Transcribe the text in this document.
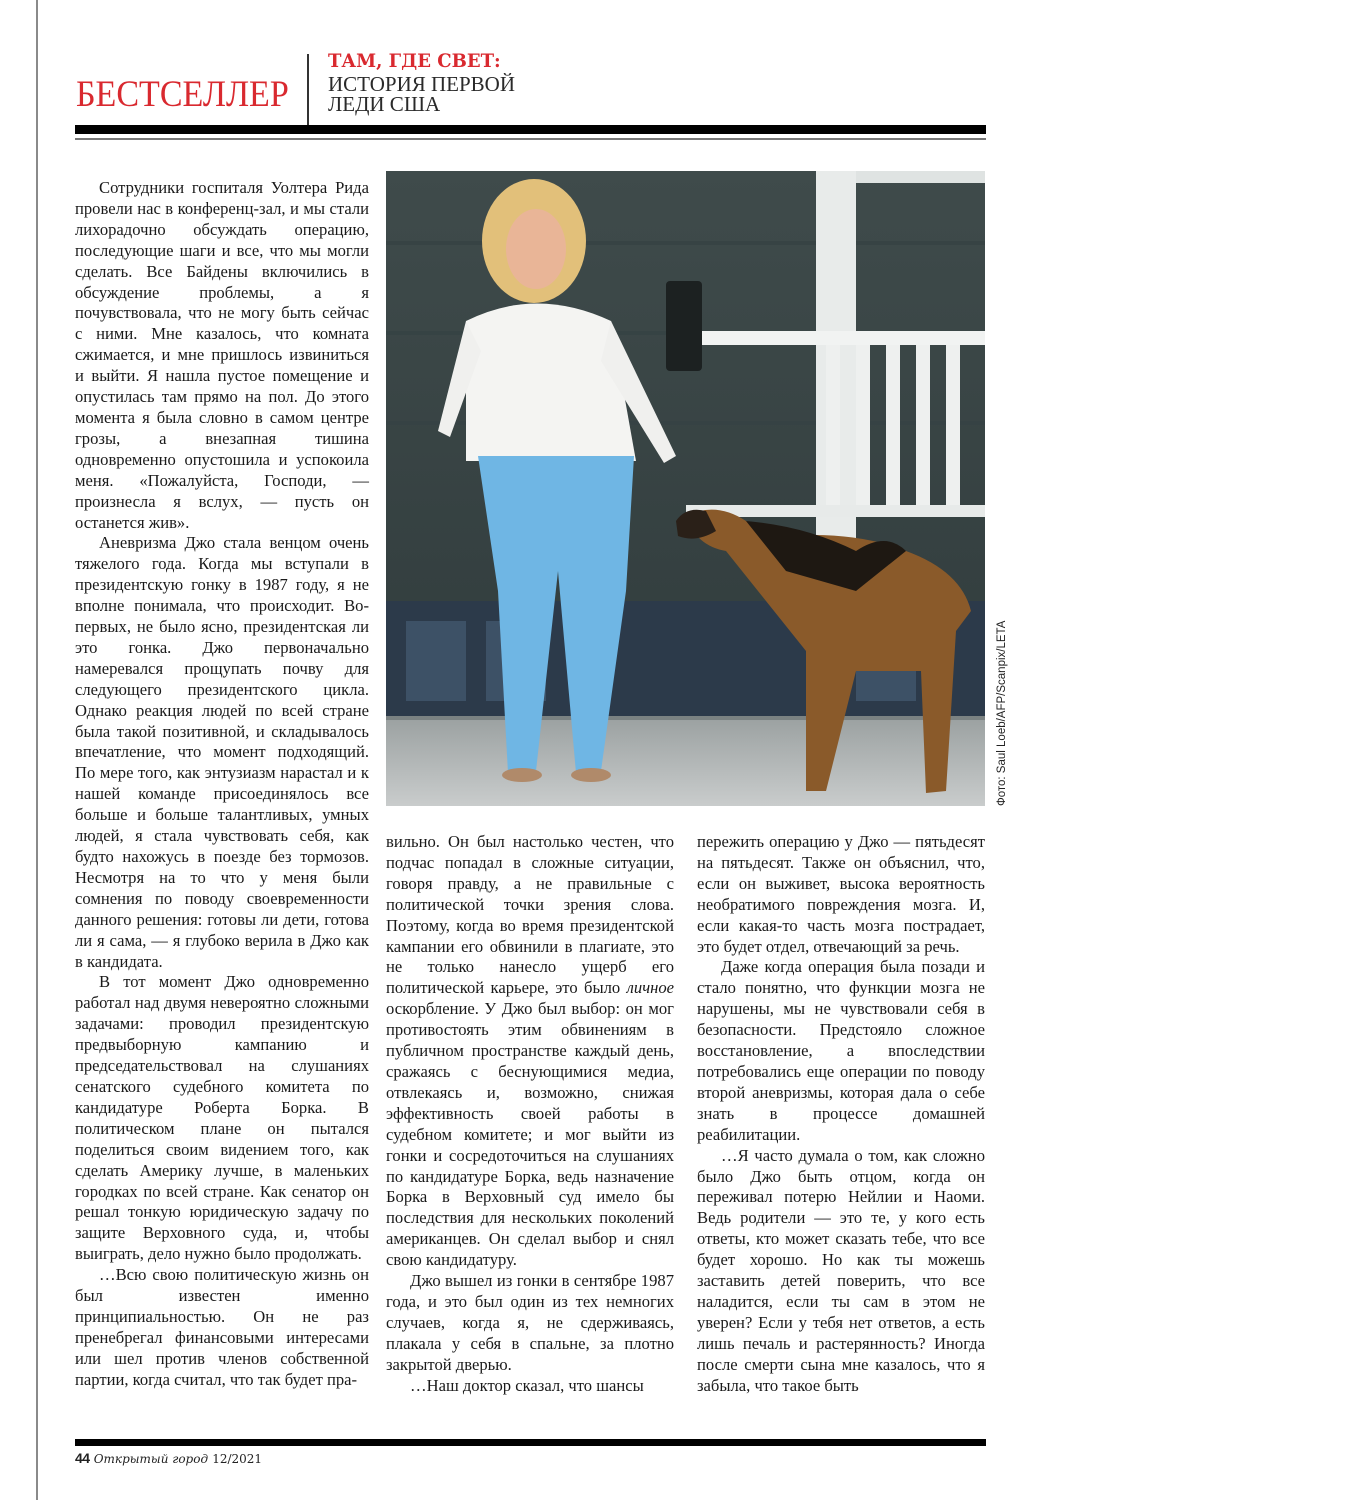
БЕСТСЕЛЛЕР
ТАМ, ГДЕ СВЕТ:
ИСТОРИЯ ПЕРВОЙ
ЛЕДИ США

Сотрудники госпиталя Уолтера Рида провели нас в конференц-зал, и мы стали лихорадочно обсуждать операцию, последующие шаги и все, что мы могли сделать. Все Байдены включились в обсуждение проблемы, а я почувствовала, что не могу быть сейчас с ними. Мне казалось, что комната сжимается, и мне пришлось извиниться и выйти. Я нашла пустое помещение и опустилась там прямо на пол. До этого момента я была словно в самом центре грозы, а внезапная тишина одновременно опустошила и успокоила меня. «Пожалуйста, Господи, — произнесла я вслух, — пусть он останется жив».

Аневризма Джо стала венцом очень тяжелого года. Когда мы вступали в президентскую гонку в 1987 году, я не вполне понимала, что происходит. Во-первых, не было ясно, президентская ли это гонка. Джо первоначально намеревался прощупать почву для следующего президентского цикла. Однако реакция людей по всей стране была такой позитивной, и складывалось впечатление, что момент подходящий. По мере того, как энтузиазм нарастал и к нашей команде присоединялось все больше и больше талантливых, умных людей, я стала чувствовать себя, как будто нахожусь в поезде без тормозов. Несмотря на то что у меня были сомнения по поводу своевременности данного решения: готовы ли дети, готова ли я сама, — я глубоко верила в Джо как в кандидата.

В тот момент Джо одновременно работал над двумя невероятно сложными задачами: проводил президентскую предвыборную кампанию и председательствовал на слушаниях сенатского судебного комитета по кандидатуре Роберта Борка. В политическом плане он пытался поделиться своим видением того, как сделать Америку лучше, в маленьких городках по всей стране. Как сенатор он решал тонкую юридическую задачу по защите Верховного суда, и, чтобы выиграть, дело нужно было продолжать.

…Всю свою политическую жизнь он был известен именно принципиальностью. Он не раз пренебрегал финансовыми интересами или шел против членов собственной партии, когда считал, что так будет пра-

Любимую
собаку
Байденов
зовут Чемп.
Фото: Saul Loeb/AFP/Scanpix/LETA

вильно. Он был настолько честен, что подчас попадал в сложные ситуации, говоря правду, а не правильные с политической точки зрения слова. Поэтому, когда во время президентской кампании его обвинили в плагиате, это не только нанесло ущерб его политической карьере, это было личное оскорбление. У Джо был выбор: он мог противостоять этим обвинениям в публичном пространстве каждый день, сражаясь с беснующимися медиа, отвлекаясь и, возможно, снижая эффективность своей работы в судебном комитете; и мог выйти из гонки и сосредоточиться на слушаниях по кандидатуре Борка, ведь назначение Борка в Верховный суд имело бы последствия для нескольких поколений американцев. Он сделал выбор и снял свою кандидатуру.

Джо вышел из гонки в сентябре 1987 года, и это был один из тех немногих случаев, когда я, не сдерживаясь, плакала у себя в спальне, за плотно закрытой дверью.

…Наш доктор сказал, что шансы

пережить операцию у Джо — пятьдесят на пятьдесят. Также он объяснил, что, если он выживет, высока вероятность необратимого повреждения мозга. И, если какая-то часть мозга пострадает, это будет отдел, отвечающий за речь.

Даже когда операция была позади и стало понятно, что функции мозга не нарушены, мы не чувствовали себя в безопасности. Предстояло сложное восстановление, а впоследствии потребовались еще операции по поводу второй аневризмы, которая дала о себе знать в процессе домашней реабилитации.

…Я часто думала о том, как сложно было Джо быть отцом, когда он переживал потерю Нейлии и Наоми. Ведь родители — это те, у кого есть ответы, кто может сказать тебе, что все будет хорошо. Но как ты можешь заставить детей поверить, что все наладится, если ты сам в этом не уверен? Если у тебя нет ответов, а есть лишь печаль и растерянность? Иногда после смерти сына мне казалось, что я забыла, что такое быть

44 Открытый город 12/2021
